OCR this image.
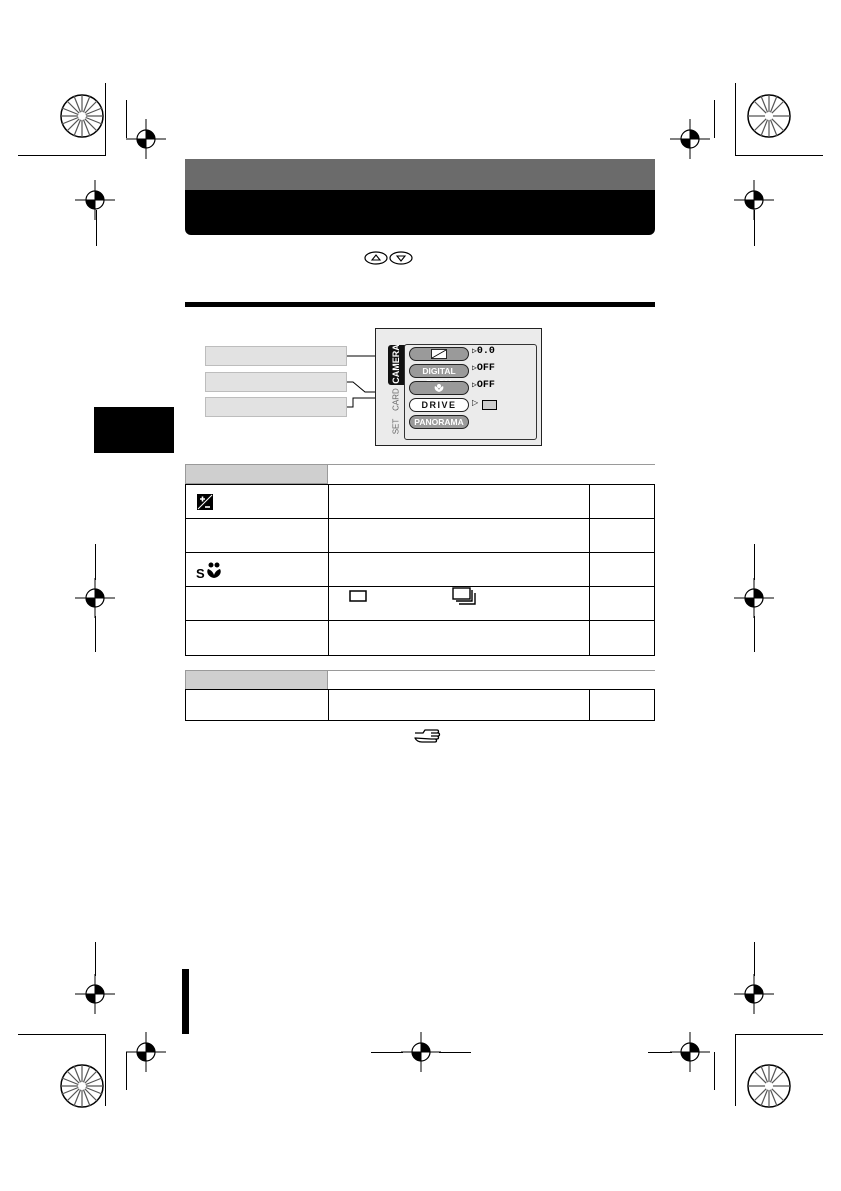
CAMERA
CARD
SET
DIGITAL
DRIVE
PANORAMA
▷0.0
▷OFF
▷OFF
▷
S
